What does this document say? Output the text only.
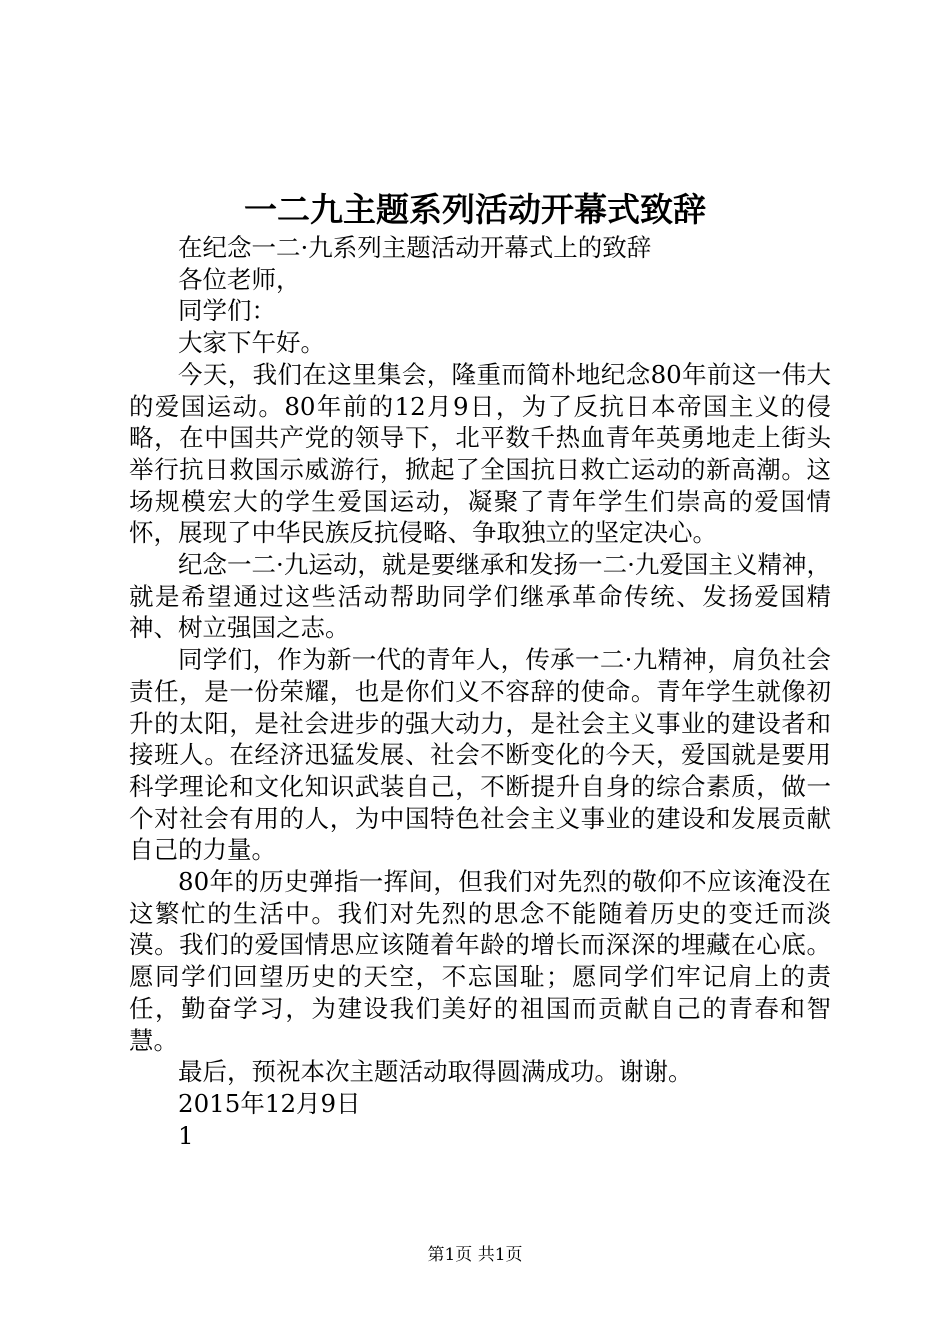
一二九主题系列活动开幕式致辞

在纪念一二·九系列主题活动开幕式上的致辞

各位老师，

同学们：

大家下午好。

今天，我们在这里集会，隆重而简朴地纪念80年前这一伟大的爱国运动。80年前的12月9日，为了反抗日本帝国主义的侵略，在中国共产党的领导下，北平数千热血青年英勇地走上街头举行抗日救国示威游行，掀起了全国抗日救亡运动的新高潮。这场规模宏大的学生爱国运动，凝聚了青年学生们崇高的爱国情怀，展现了中华民族反抗侵略、争取独立的坚定决心。

纪念一二·九运动，就是要继承和发扬一二·九爱国主义精神，就是希望通过这些活动帮助同学们继承革命传统、发扬爱国精神、树立强国之志。

同学们，作为新一代的青年人，传承一二·九精神，肩负社会责任，是一份荣耀，也是你们义不容辞的使命。青年学生就像初升的太阳，是社会进步的强大动力，是社会主义事业的建设者和接班人。在经济迅猛发展、社会不断变化的今天，爱国就是要用科学理论和文化知识武装自己，不断提升自身的综合素质，做一个对社会有用的人，为中国特色社会主义事业的建设和发展贡献自己的力量。

80年的历史弹指一挥间，但我们对先烈的敬仰不应该淹没在这繁忙的生活中。我们对先烈的思念不能随着历史的变迁而淡漠。我们的爱国情思应该随着年龄的增长而深深的埋藏在心底。愿同学们回望历史的天空，不忘国耻；愿同学们牢记肩上的责任，勤奋学习，为建设我们美好的祖国而贡献自己的青春和智慧。

最后，预祝本次主题活动取得圆满成功。谢谢。

2015年12月9日

1

第1页 共1页
